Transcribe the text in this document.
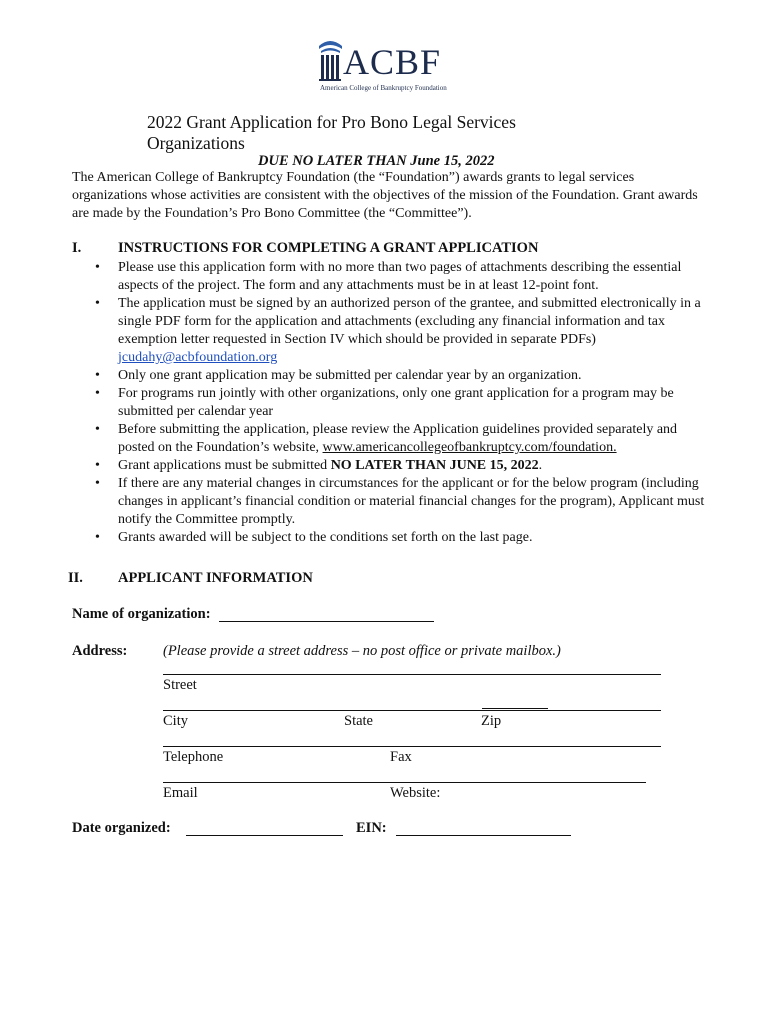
ACBF
American College of Bankruptcy Foundation
2022 Grant Application for Pro Bono Legal Services Organizations
DUE NO LATER THAN June 15, 2022
The American College of Bankruptcy Foundation (the “Foundation”) awards grants to legal services organizations whose activities are consistent with the objectives of the mission of the Foundation. Grant awards are made by the Foundation’s Pro Bono Committee (the “Committee”).
I.	INSTRUCTIONS FOR COMPLETING A GRANT APPLICATION
• Please use this application form with no more than two pages of attachments describing the essential aspects of the project. The form and any attachments must be in at least 12-point font.
• The application must be signed by an authorized person of the grantee, and submitted electronically in a single PDF form for the application and attachments (excluding any financial information and tax exemption letter requested in Section IV which should be provided in separate PDFs) jcudahy@acbfoundation.org
• Only one grant application may be submitted per calendar year by an organization.
• For programs run jointly with other organizations, only one grant application for a program may be submitted per calendar year
• Before submitting the application, please review the Application guidelines provided separately and posted on the Foundation’s website, www.americancollegeofbankruptcy.com/foundation.
• Grant applications must be submitted NO LATER THAN JUNE 15, 2022.
• If there are any material changes in circumstances for the applicant or for the below program (including changes in applicant’s financial condition or material financial changes for the program), Applicant must notify the Committee promptly.
• Grants awarded will be subject to the conditions set forth on the last page.
II. APPLICANT INFORMATION
Name of organization:
Address: (Please provide a street address – no post office or private mailbox.)
Street
City	State	Zip
Telephone	Fax
Email	Website:
Date organized:	EIN:
